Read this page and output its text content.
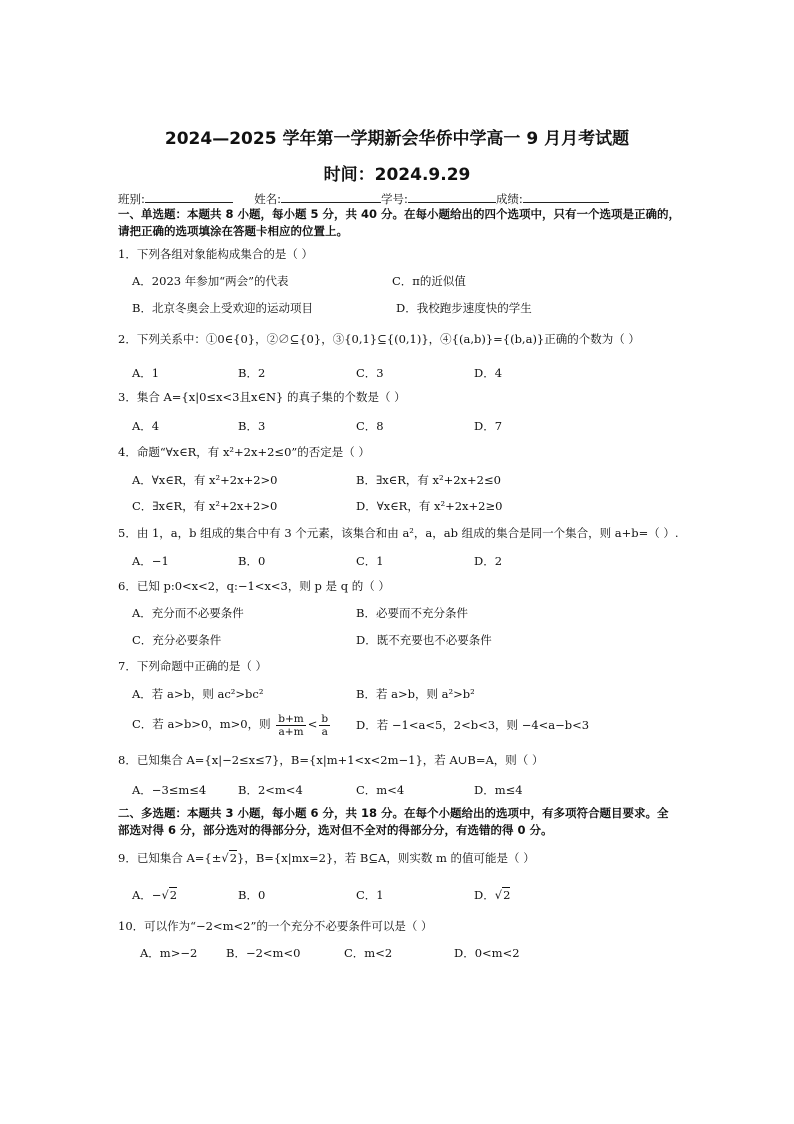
2024—2025 学年第一学期新会华侨中学高一 9 月月考试题
时间：2024.9.29
班别:	姓名:	学号:	成绩:
一、单选题：本题共 8 小题，每小题 5 分，共 40 分。在每小题给出的四个选项中，只有一个选项是正确的，
请把正确的选项填涂在答题卡相应的位置上。
1．下列各组对象能构成集合的是（ ）
A．2023 年参加“两会”的代表	C．π的近似值
B．北京冬奥会上受欢迎的运动项目	D．我校跑步速度快的学生
2．下列关系中：①0∈{0}，②∅⊆{0}，③{0,1}⊆{(0,1)}，④{(a,b)}={(b,a)}正确的个数为（ ）
A．1	B．2	C．3	D．4
3．集合 A={x|0≤x<3且x∈N} 的真子集的个数是（ ）
A．4	B．3	C．8	D．7
4．命题“∀x∈R，有 x²+2x+2≤0”的否定是（ ）
A．∀x∈R，有 x²+2x+2>0	B．∃x∈R，有 x²+2x+2≤0
C．∃x∈R，有 x²+2x+2>0	D．∀x∈R，有 x²+2x+2≥0
5．由 1，a，b 组成的集合中有 3 个元素，该集合和由 a²，a，ab 组成的集合是同一个集合，则 a+b=（ ）.
A．−1	B．0	C．1	D．2
6．已知 p:0<x<2，q:−1<x<3，则 p 是 q 的（ ）
A．充分而不必要条件	B．必要而不充分条件
C．充分必要条件	D．既不充要也不必要条件
7．下列命题中正确的是（ ）
A．若 a>b，则 ac²>bc²	B．若 a>b，则 a²>b²
C．若 a>b>0，m>0，则 $\frac{b+m}{a+m} < \frac{b}{a}$ D．若 −1<a<5，2<b<3，则 −4<a−b<3
8．已知集合 A={x|−2≤x≤7}，B={x|m+1<x<2m−1}，若 A∪B=A，则（ ）
A．−3≤m≤4	B．2<m<4	C．m<4	D．m≤4
二、多选题：本题共 3 小题，每小题 6 分，共 18 分。在每个小题给出的选项中，有多项符合题目要求。全
部选对得 6 分，部分选对的得部分分，选对但不全对的得部分分，有选错的得 0 分。
9．已知集合 A={±√2}，B={x|mx=2}，若 B⊆A，则实数 m 的值可能是（ ）
A．−√2	B．0	C．1	D．√2
10．可以作为“−2<m<2”的一个充分不必要条件可以是（ ）
A．m>−2 B．−2<m<0	C．m<2	D．0<m<2
